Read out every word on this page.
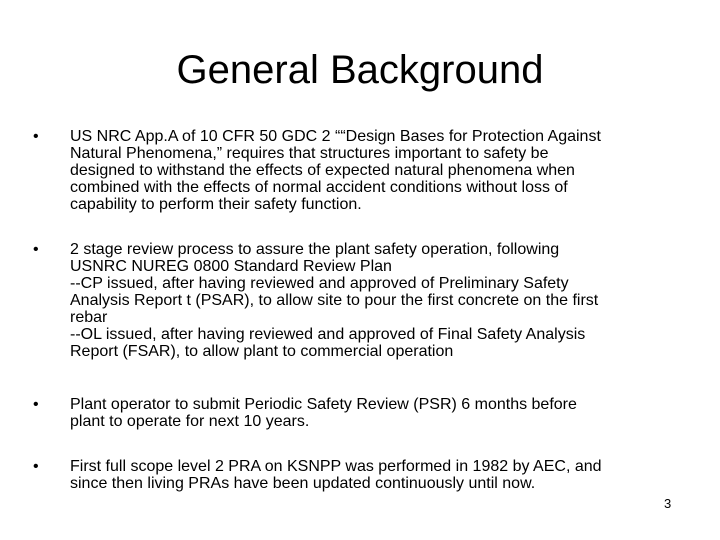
General Background
• US NRC App.A of 10 CFR 50 GDC 2 ““Design Bases for Protection Against
Natural Phenomena,” requires that structures important to safety be
designed to withstand the effects of expected natural phenomena when
combined with the effects of normal accident conditions without loss of
capability to perform their safety function.
• 2 stage review process to assure the plant safety operation, following
USNRC NUREG 0800 Standard Review Plan
--CP issued, after having reviewed and approved of Preliminary Safety
Analysis Report t (PSAR), to allow site to pour the first concrete on the first
rebar
--OL issued, after having reviewed and approved of Final Safety Analysis
Report (FSAR), to allow plant to commercial operation
• Plant operator to submit Periodic Safety Review (PSR) 6 months before
plant to operate for next 10 years.
• First full scope level 2 PRA on KSNPP was performed in 1982 by AEC, and
since then living PRAs have been updated continuously until now.
3
